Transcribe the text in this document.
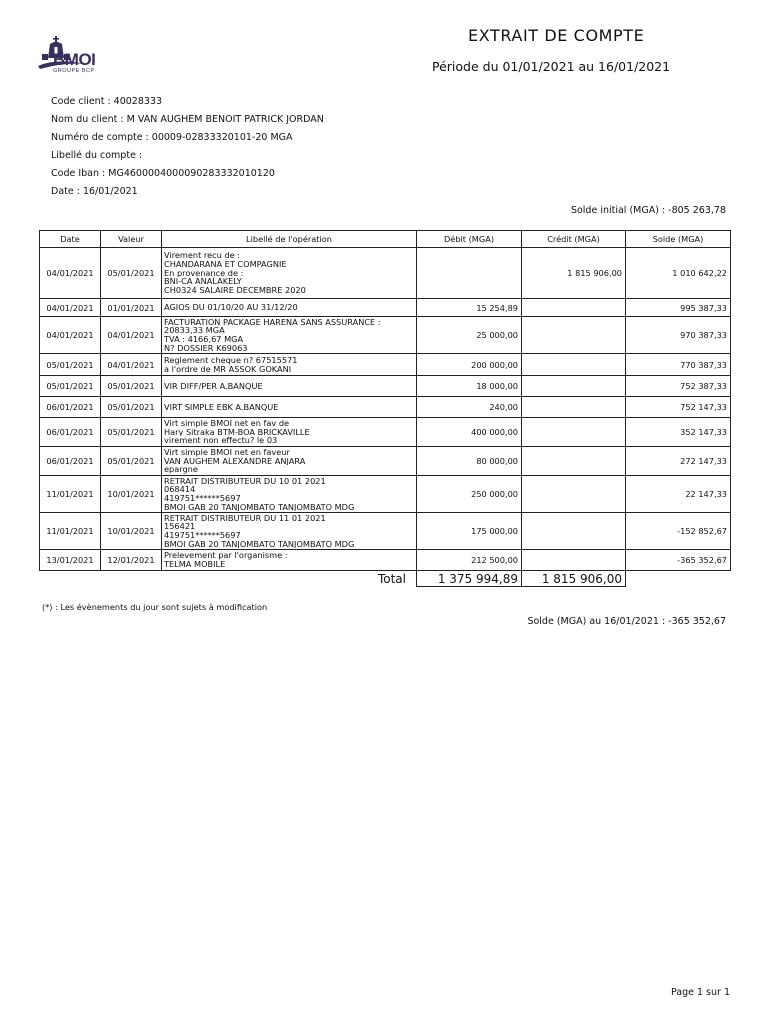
BMOI
GROUPE BCP
EXTRAIT DE COMPTE
Période du 01/01/2021 au 16/01/2021
Code client : 40028333
Nom du client : M VAN AUGHEM BENOIT PATRICK JORDAN
Numéro de compte : 00009-02833320101-20 MGA
Libellé du compte :
Code Iban : MG4600004000090283332010120
Date : 16/01/2021
Solde initial (MGA) : -805 263,78
Date	Valeur	Libellé de l'opération	Débit (MGA)	Crédit (MGA)	Solde (MGA)
04/01/2021	05/01/2021	Virement recu de :
CHANDARANA ET COMPAGNIE
En provenance de :
BNI-CA ANALAKELY
CH0324 SALAIRE DECEMBRE 2020		1 815 906,00	1 010 642,22
04/01/2021	01/01/2021	AGIOS DU 01/10/20 AU 31/12/20	15 254,89		995 387,33
04/01/2021	04/01/2021	FACTURATION PACKAGE HARENA SANS ASSURANCE :
20833,33 MGA
TVA : 4166,67 MGA
N? DOSSIER K69063	25 000,00		970 387,33
05/01/2021	04/01/2021	Reglement cheque n? 67515571
a l'ordre de MR ASSOK GOKANI	200 000,00		770 387,33
05/01/2021	05/01/2021	VIR DIFF/PER A.BANQUE	18 000,00		752 387,33
06/01/2021	05/01/2021	VIRT SIMPLE EBK A.BANQUE	240,00		752 147,33
06/01/2021	05/01/2021	Virt simple BMOI net en fav de
Hary Sitraka BTM-BOA BRICKAVILLE
virement non effectu? le 03	400 000,00		352 147,33
06/01/2021	05/01/2021	Virt simple BMOI net en faveur
VAN AUGHEM ALEXANDRE ANJARA
epargne	80 000,00		272 147,33
11/01/2021	10/01/2021	RETRAIT DISTRIBUTEUR DU 10 01 2021
068414
419751******5697
BMOI GAB 20 TANJOMBATO TANJOMBATO MDG	250 000,00		22 147,33
11/01/2021	10/01/2021	RETRAIT DISTRIBUTEUR DU 11 01 2021
156421
419751******5697
BMOI GAB 20 TANJOMBATO TANJOMBATO MDG	175 000,00		-152 852,67
13/01/2021	12/01/2021	Prelevement par l'organisme :
TELMA MOBILE	212 500,00		-365 352,67
Total			1 375 994,89	1 815 906,00	
(*) : Les évènements du jour sont sujets à modification
Solde (MGA) au 16/01/2021 : -365 352,67
Page 1 sur 1
